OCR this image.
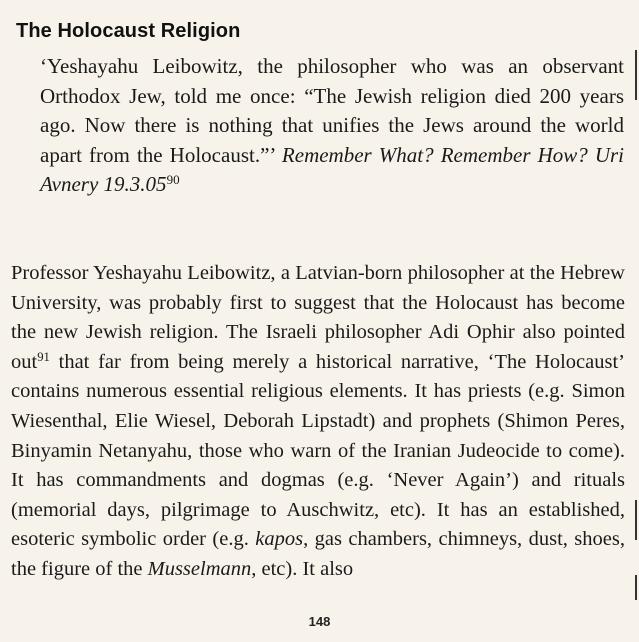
The Holocaust Religion
‘Yeshayahu Leibowitz, the philosopher who was an observant Orthodox Jew, told me once: “The Jewish religion died 200 years ago. Now there is nothing that unifies the Jews around the world apart from the Holocaust.”’ Remember What? Remember How? Uri Avnery 19.3.05$^{90}$
Professor Yeshayahu Leibowitz, a Latvian-born philosopher at the Hebrew University, was probably first to suggest that the Holocaust has become the new Jewish religion. The Israeli philosopher Adi Ophir also pointed out$^{91}$ that far from being merely a historical narrative, ‘The Holocaust’ contains numerous essential religious elements. It has priests (e.g. Simon Wiesenthal, Elie Wiesel, Deborah Lipstadt) and prophets (Shimon Peres, Binyamin Netanyahu, those who warn of the Iranian Judeocide to come). It has commandments and dogmas (e.g. ‘Never Again’) and rituals (memorial days, pilgrimage to Auschwitz, etc). It has an established, esoteric symbolic order (e.g. kapos, gas chambers, chimneys, dust, shoes, the figure of the Musselmann, etc). It also
148
